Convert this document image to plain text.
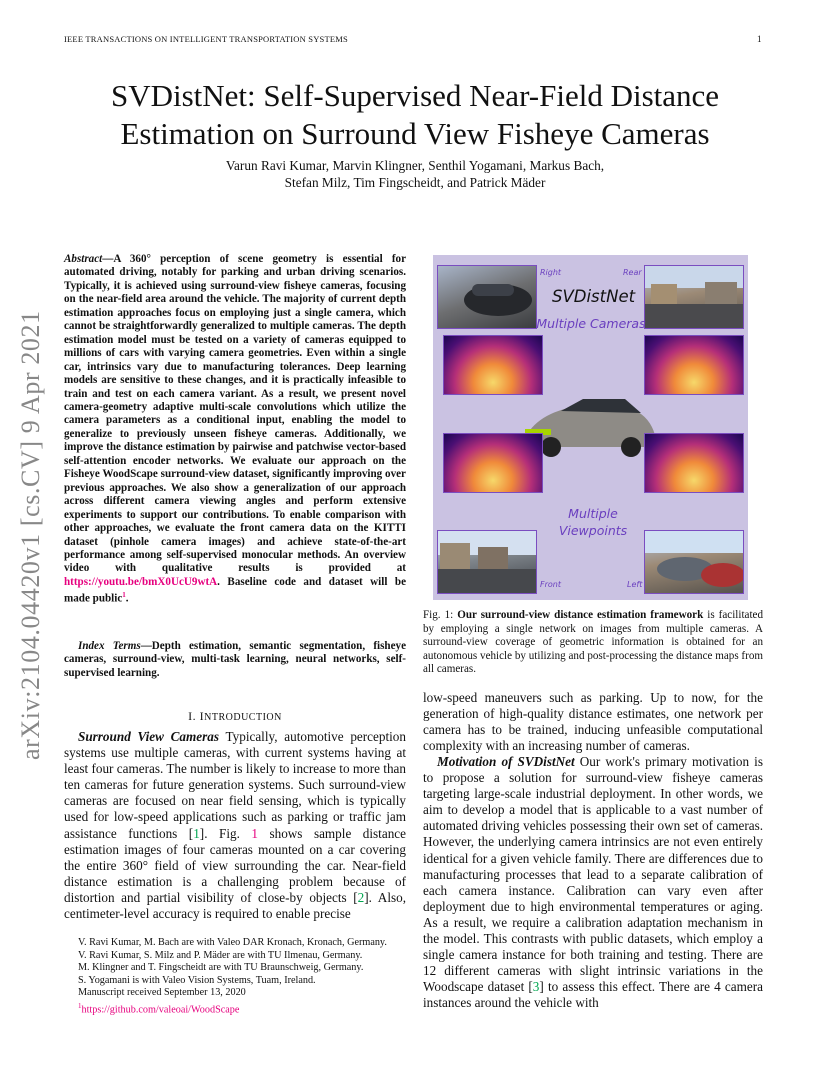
IEEE TRANSACTIONS ON INTELLIGENT TRANSPORTATION SYSTEMS	1
SVDistNet: Self-Supervised Near-Field Distance Estimation on Surround View Fisheye Cameras
Varun Ravi Kumar, Marvin Klingner, Senthil Yogamani, Markus Bach,
Stefan Milz, Tim Fingscheidt, and Patrick Mäder
arXiv:2104.04420v1 [cs.CV] 9 Apr 2021
Abstract—A 360° perception of scene geometry is essential for automated driving, notably for parking and urban driving scenarios. Typically, it is achieved using surround-view fisheye cameras, focusing on the near-field area around the vehicle. The majority of current depth estimation approaches focus on employing just a single camera, which cannot be straightforwardly generalized to multiple cameras. The depth estimation model must be tested on a variety of cameras equipped to millions of cars with varying camera geometries. Even within a single car, intrinsics vary due to manufacturing tolerances. Deep learning models are sensitive to these changes, and it is practically infeasible to train and test on each camera variant. As a result, we present novel camera-geometry adaptive multi-scale convolutions which utilize the camera parameters as a conditional input, enabling the model to generalize to previously unseen fisheye cameras. Additionally, we improve the distance estimation by pairwise and patchwise vector-based self-attention encoder networks. We evaluate our approach on the Fisheye WoodScape surround-view dataset, significantly improving over previous approaches. We also show a generalization of our approach across different camera viewing angles and perform extensive experiments to support our contributions. To enable comparison with other approaches, we evaluate the front camera data on the KITTI dataset (pinhole camera images) and achieve state-of-the-art performance among self-supervised monocular methods. An overview video with qualitative results is provided at https://youtu.be/bmX0UcU9wtA. Baseline code and dataset will be made public$^1$.
Index Terms—Depth estimation, semantic segmentation, fisheye cameras, surround-view, multi-task learning, neural networks, self-supervised learning.
I. INTRODUCTION
Surround View Cameras Typically, automotive perception systems use multiple cameras, with current systems having at least four cameras. The number is likely to increase to more than ten cameras for future generation systems. Such surround-view cameras are focused on near field sensing, which is typically used for low-speed applications such as parking or traffic jam assistance functions [1]. Fig. 1 shows sample distance estimation images of four cameras mounted on a car covering the entire 360° field of view surrounding the car. Near-field distance estimation is a challenging problem because of distortion and partial visibility of close-by objects [2]. Also, centimeter-level accuracy is required to enable precise
V. Ravi Kumar, M. Bach are with Valeo DAR Kronach, Kronach, Germany.
V. Ravi Kumar, S. Milz and P. Mäder are with TU Ilmenau, Germany.
M. Klingner and T. Fingscheidt are with TU Braunschweig, Germany.
S. Yogamani is with Valeo Vision Systems, Tuam, Ireland.
Manuscript received September 13, 2020
$^1$https://github.com/valeoai/WoodScape
Right	Rear
SVDistNet
Multiple Cameras
Multiple Viewpoints
Front	Left
Fig. 1: Our surround-view distance estimation framework is facilitated by employing a single network on images from multiple cameras. A surround-view coverage of geometric information is obtained for an autonomous vehicle by utilizing and post-processing the distance maps from all cameras.
low-speed maneuvers such as parking. Up to now, for the generation of high-quality distance estimates, one network per camera has to be trained, inducing unfeasible computational complexity with an increasing number of cameras.
Motivation of SVDistNet Our work's primary motivation is to propose a solution for surround-view fisheye cameras targeting large-scale industrial deployment. In other words, we aim to develop a model that is applicable to a vast number of automated driving vehicles possessing their own set of cameras. However, the underlying camera intrinsics are not even entirely identical for a given vehicle family. There are differences due to manufacturing processes that lead to a separate calibration of each camera instance. Calibration can vary even after deployment due to high environmental temperatures or aging. As a result, we require a calibration adaptation mechanism in the model. This contrasts with public datasets, which employ a single camera instance for both training and testing. There are 12 different cameras with slight intrinsic variations in the Woodscape dataset [3] to assess this effect. There are 4 camera instances around the vehicle with
